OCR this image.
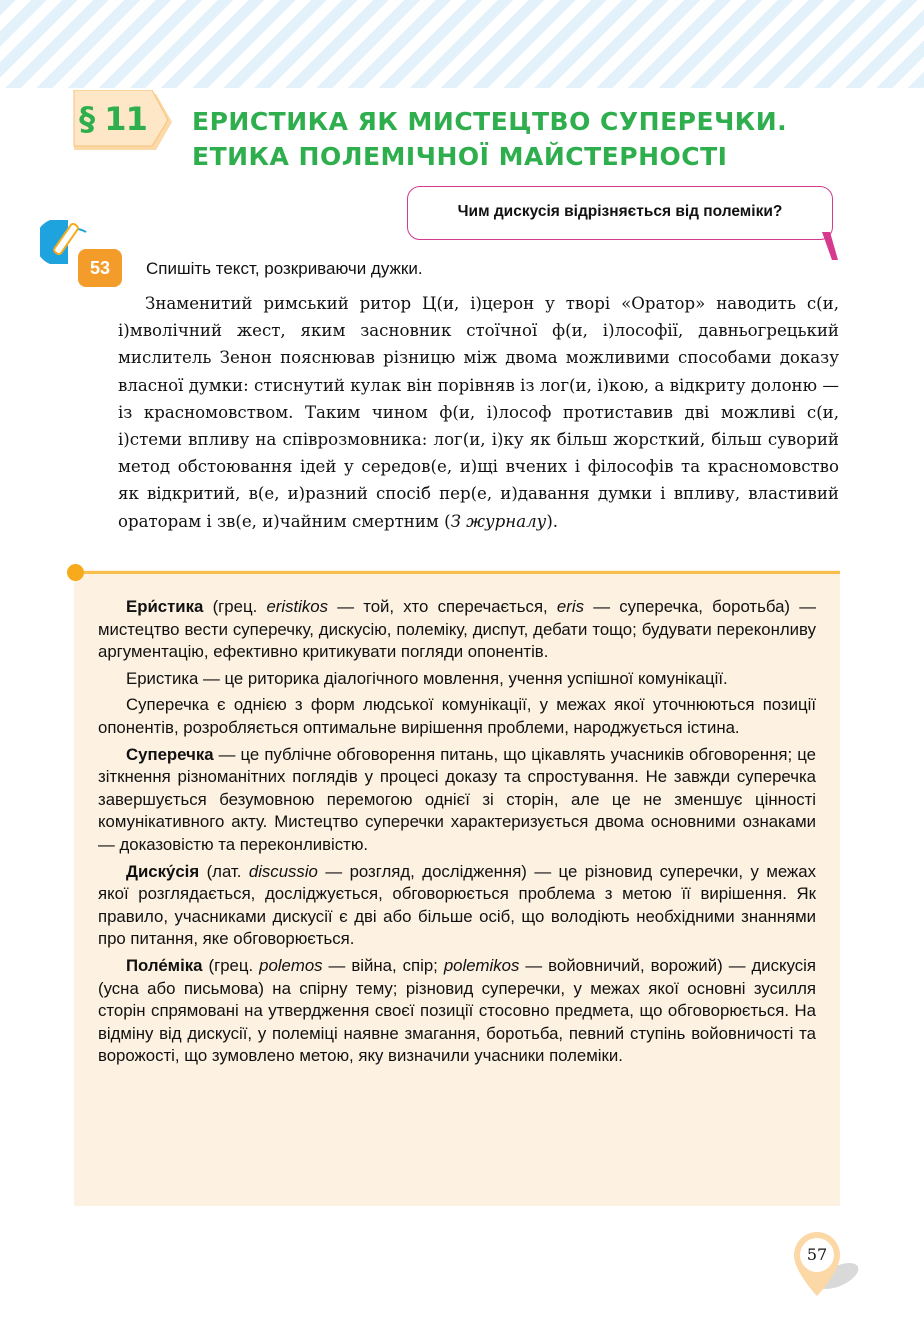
§ 11 ЕРИСТИКА ЯК МИСТЕЦТВО СУПЕРЕЧКИ.
ЕТИКА ПОЛЕМІЧНОЇ МАЙСТЕРНОСТІ
Чим дискусія відрізняється від полеміки?
53	Спишіть текст, розкриваючи дужки.

Знаменитий римський ритор Ц(и, і)церон у творі «Оратор» наводить с(и, і)мволічний жест, яким засновник стоїчної ф(и, і)лософії, давньогрецький мислитель Зенон пояснював різницю між двома можливими способами доказу власної думки: стиснутий кулак він порівняв із лог(и, і)кою, а відкриту долоню — із красномовством. Таким чином ф(и, і)лософ протиставив дві можливі с(и, і)стеми впливу на співрозмовника: лог(и, і)ку як більш жорсткий, більш суворий метод обстоювання ідей у середов(е, и)щі вчених і філософів та красномовство як відкритий, в(е, и)разний спосіб пер(е, и)давання думки і впливу, властивий ораторам і зв(е, и)чайним смертним (З журналу).

Ери́стика (грец. eristikos — той, хто сперечається, eris — суперечка, боротьба) — мистецтво вести суперечку, дискусію, полеміку, диспут, дебати тощо; будувати переконливу аргументацію, ефективно критикувати погляди опонентів.

Еристика — це риторика діалогічного мовлення, учення успішної комунікації.

Суперечка є однією з форм людської комунікації, у межах якої уточнюються позиції опонентів, розробляється оптимальне вирішення проблеми, народжується істина.

Суперечка — це публічне обговорення питань, що цікавлять учасників обговорення; це зіткнення різноманітних поглядів у процесі доказу та спростування. Не завжди суперечка завершується безумовною перемогою однієї зі сторін, але це не зменшує цінності комунікативного акту. Мистецтво суперечки характеризується двома основними ознаками — доказовістю та переконливістю.

Диску́сія (лат. discussio — розгляд, дослідження) — це різновид суперечки, у межах якої розглядається, досліджується, обговорюється проблема з метою її вирішення. Як правило, учасниками дискусії є дві або більше осіб, що володіють необхідними знаннями про питання, яке обговорюється.

Поле́міка (грец. polemos — війна, спір; polemikos — войовничий, ворожий) — дискусія (усна або письмова) на спірну тему; різновид суперечки, у межах якої основні зусилля сторін спрямовані на утвердження своєї позиції стосовно предмета, що обговорюється. На відміну від дискусії, у полеміці наявне змагання, боротьба, певний ступінь войовничості та ворожості, що зумовлено метою, яку визначили учасники полеміки.

57
